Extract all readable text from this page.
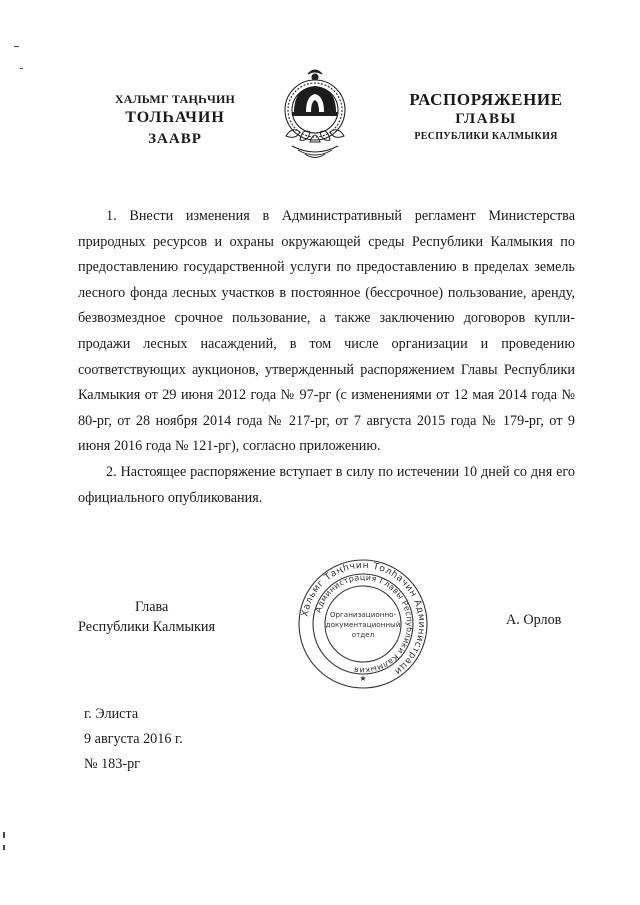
ХАЛЬМГ ТАҢҺЧИН
ТОЛҺАЧИН
ЗААВР
РАСПОРЯЖЕНИЕ
ГЛАВЫ
РЕСПУБЛИКИ КАЛМЫКИЯ

1. Внести изменения в Административный регламент Министерства природных ресурсов и охраны окружающей среды Республики Калмыкия по предоставлению государственной услуги по предоставлению в пределах земель лесного фонда лесных участков в постоянное (бессрочное) пользование, аренду, безвозмездное срочное пользование, а также заключению договоров купли-продажи лесных насаждений, в том числе организации и проведению соответствующих аукционов, утвержденный распоряжением Главы Республики Калмыкия от 29 июня 2012 года № 97-рг (с изменениями от 12 мая 2014 года № 80-рг, от 28 ноября 2014 года № 217-рг, от 7 августа 2015 года № 179-рг, от 9 июня 2016 года № 121-рг), согласно приложению.

2. Настоящее распоряжение вступает в силу по истечении 10 дней со дня его официального опубликования.

Глава
Республики Калмыкия
Хальмг Таңһчин Толһачин Администраци
Администрация Главы Республики Калмыкия
Организационно-
документационный
отдел
★
А. Орлов
г. Элиста
9 августа 2016 г.
№ 183-рг
